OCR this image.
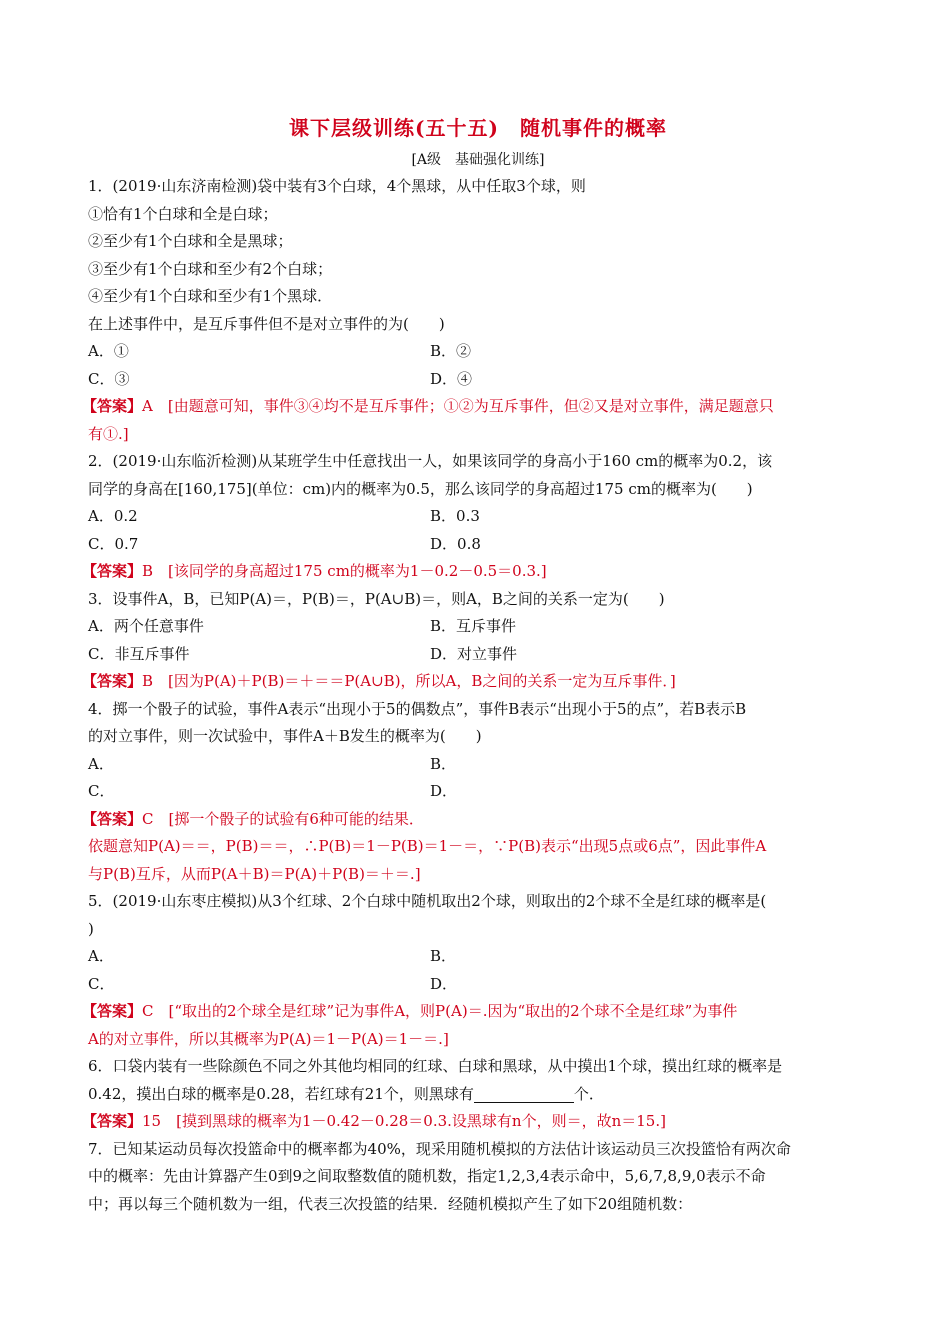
课下层级训练(五十五)　随机事件的概率
[A级　基础强化训练]
1．(2019·山东济南检测)袋中装有3个白球，4个黑球，从中任取3个球，则
①恰有1个白球和全是白球；
②至少有1个白球和全是黑球；
③至少有1个白球和至少有2个白球；
④至少有1个白球和至少有1个黑球．
在上述事件中，是互斥事件但不是对立事件的为(　　)
A．①	B．②
C．③	D．④
【答案】A　[由题意可知，事件③④均不是互斥事件；①②为互斥事件，但②又是对立事件，满足题意只
有①.]
2．(2019·山东临沂检测)从某班学生中任意找出一人，如果该同学的身高小于160 cm的概率为0.2，该
同学的身高在[160,175](单位：cm)内的概率为0.5，那么该同学的身高超过175 cm的概率为(　　)
A．0.2	B．0.3
C．0.7	D．0.8
【答案】B　[该同学的身高超过175 cm的概率为1－0.2－0.5＝0.3.]
3．设事件A，B，已知P(A)＝，P(B)＝，P(A∪B)＝，则A，B之间的关系一定为(　　)
A．两个任意事件	B．互斥事件
C．非互斥事件	D．对立事件
【答案】B　[因为P(A)＋P(B)＝＋＝＝P(A∪B)，所以A，B之间的关系一定为互斥事件．]
4．掷一个骰子的试验，事件A表示“出现小于5的偶数点”，事件B表示“出现小于5的点”，若B表示B
的对立事件，则一次试验中，事件A＋B发生的概率为(　　)
A．	B．
C．	D．
【答案】C　[掷一个骰子的试验有6种可能的结果．
依题意知P(A)＝＝，P(B)＝＝，∴P(B)＝1－P(B)＝1－＝，∵P(B)表示“出现5点或6点”，因此事件A
与P(B)互斥，从而P(A＋B)＝P(A)＋P(B)＝＋＝.]
5．(2019·山东枣庄模拟)从3个红球、2个白球中随机取出2个球，则取出的2个球不全是红球的概率是(
)
A．	B．
C．	D．
【答案】C　[“取出的2个球全是红球”记为事件A，则P(A)＝.因为“取出的2个球不全是红球”为事件
A的对立事件，所以其概率为P(A)＝1－P(A)＝1－＝.]
6．口袋内装有一些除颜色不同之外其他均相同的红球、白球和黑球，从中摸出1个球，摸出红球的概率是
0.42，摸出白球的概率是0.28，若红球有21个，则黑球有	个．
【答案】15　[摸到黑球的概率为1－0.42－0.28＝0.3.设黑球有n个，则＝，故n＝15.]
7．已知某运动员每次投篮命中的概率都为40%，现采用随机模拟的方法估计该运动员三次投篮恰有两次命
中的概率：先由计算器产生0到9之间取整数值的随机数，指定1,2,3,4表示命中，5,6,7,8,9,0表示不命
中；再以每三个随机数为一组，代表三次投篮的结果．经随机模拟产生了如下20组随机数：
